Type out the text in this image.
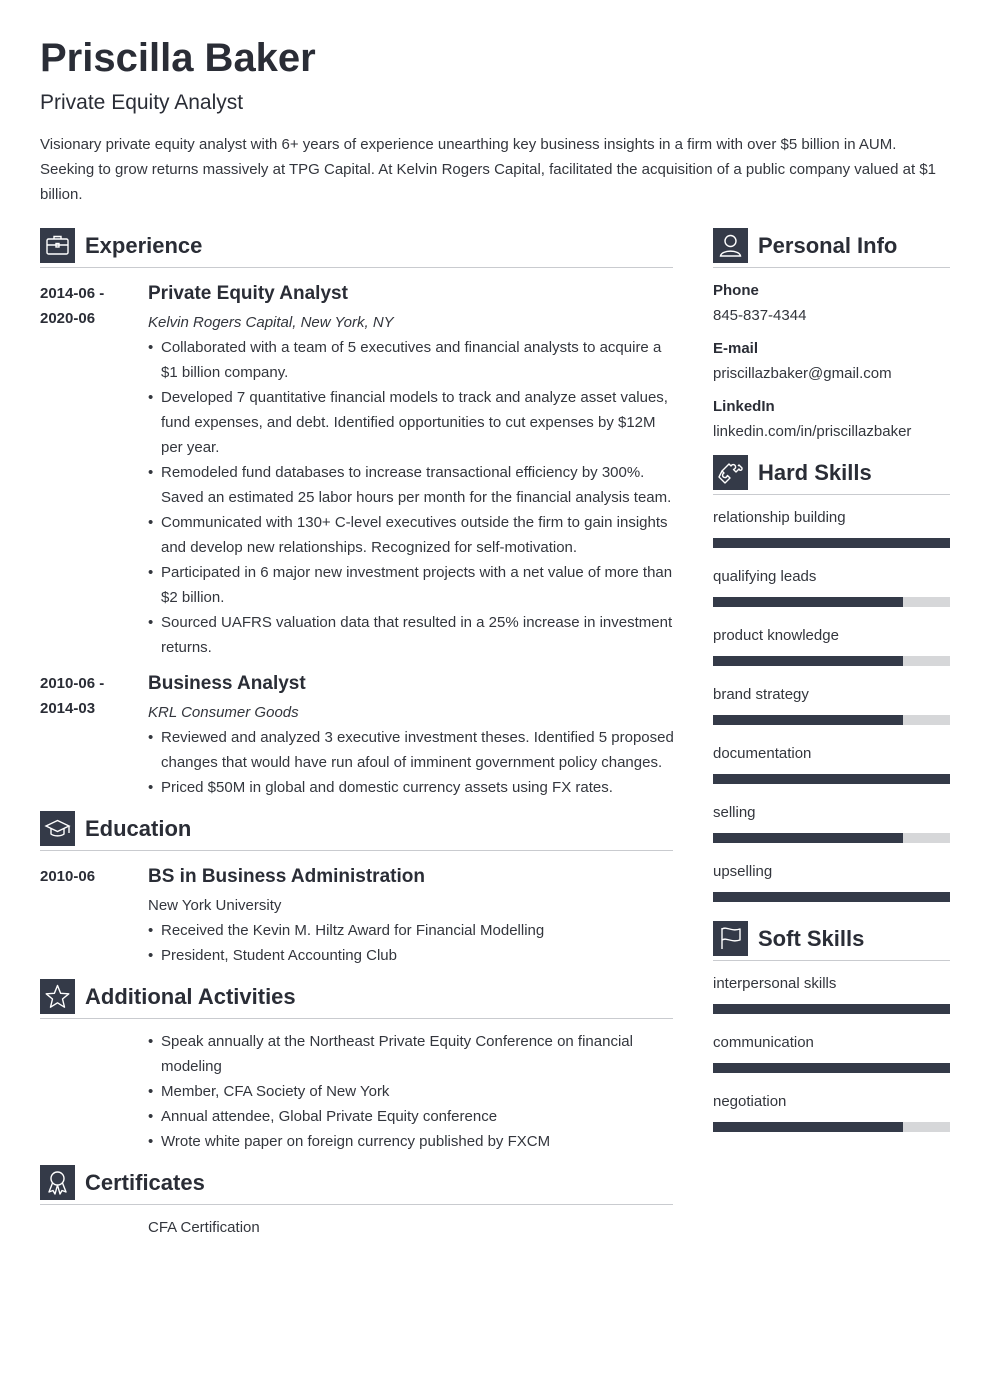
Priscilla Baker
Private Equity Analyst
Visionary private equity analyst with 6+ years of experience unearthing key business insights in a firm with over $5 billion in AUM. Seeking to grow returns massively at TPG Capital. At Kelvin Rogers Capital, facilitated the acquisition of a public company valued at $1 billion.
Experience
2014-06 -
2020-06
Private Equity Analyst
Kelvin Rogers Capital, New York, NY
• Collaborated with a team of 5 executives and financial analysts to acquire a $1 billion company.
• Developed 7 quantitative financial models to track and analyze asset values, fund expenses, and debt. Identified opportunities to cut expenses by $12M per year.
• Remodeled fund databases to increase transactional efficiency by 300%. Saved an estimated 25 labor hours per month for the financial analysis team.
• Communicated with 130+ C-level executives outside the firm to gain insights and develop new relationships. Recognized for self-motivation.
• Participated in 6 major new investment projects with a net value of more than $2 billion.
• Sourced UAFRS valuation data that resulted in a 25% increase in investment returns.
2010-06 -
2014-03
Business Analyst
KRL Consumer Goods
• Reviewed and analyzed 3 executive investment theses. Identified 5 proposed changes that would have run afoul of imminent government policy changes.
• Priced $50M in global and domestic currency assets using FX rates.
Education
2010-06	BS in Business Administration
New York University
• Received the Kevin M. Hiltz Award for Financial Modelling
• President, Student Accounting Club
Additional Activities
• Speak annually at the Northeast Private Equity Conference on financial modeling
• Member, CFA Society of New York
• Annual attendee, Global Private Equity conference
• Wrote white paper on foreign currency published by FXCM
Certificates
CFA Certification
Personal Info
Phone
845-837-4344
E-mail
priscillazbaker@gmail.com
LinkedIn
linkedin.com/in/priscillazbaker
Hard Skills
relationship building
qualifying leads
product knowledge
brand strategy
documentation
selling
upselling
Soft Skills
interpersonal skills
communication
negotiation
